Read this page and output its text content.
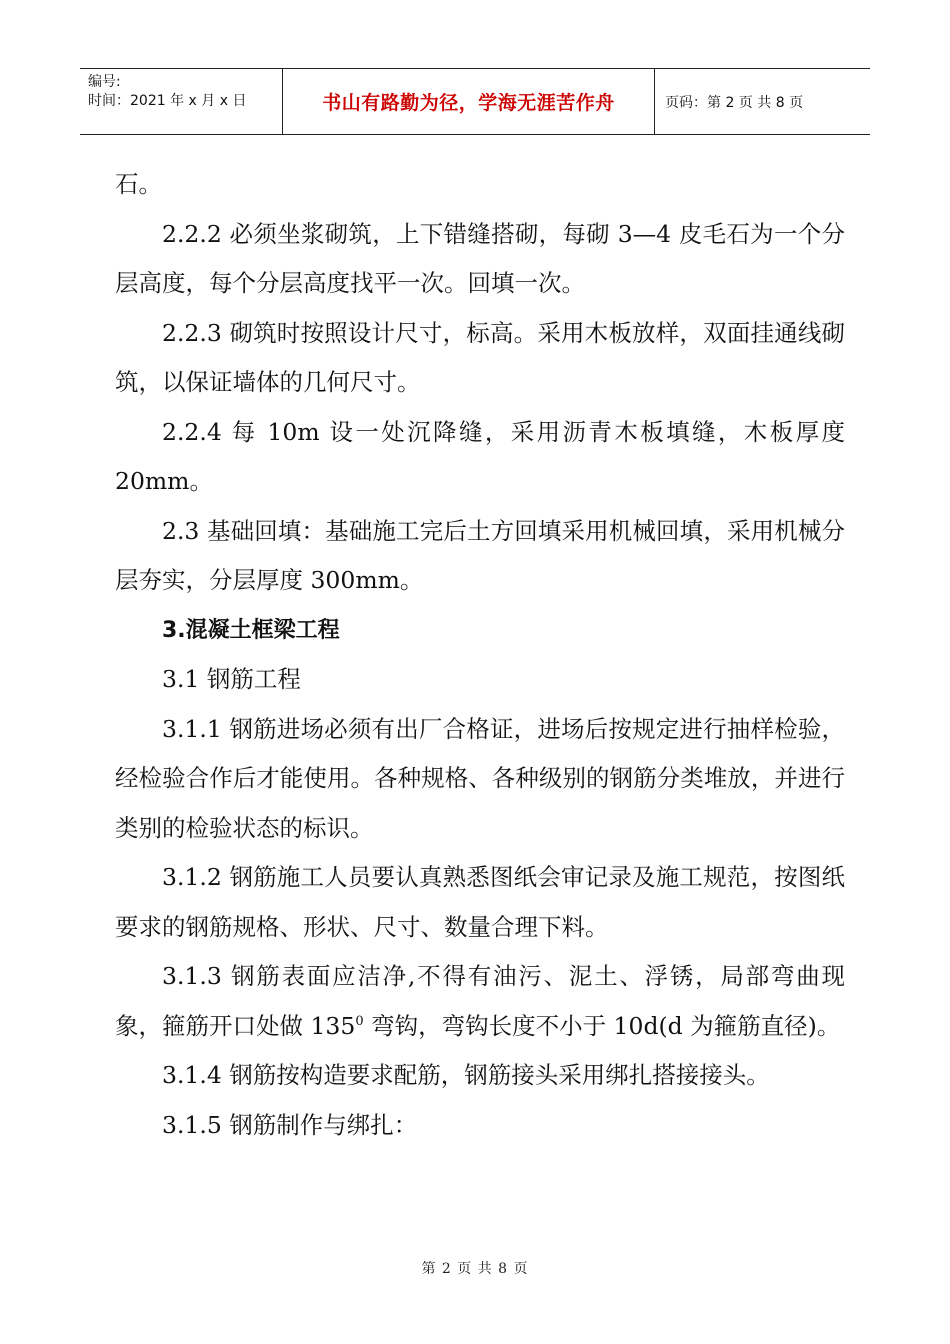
编号:
时间：2021 年 x 月 x 日	书山有路勤为径，学海无涯苦作舟	页码：第 2 页 共 8 页

石。

2.2.2 必须坐浆砌筑，上下错缝搭砌，每砌 3—4 皮毛石为一个分层高度，每个分层高度找平一次。回填一次。

2.2.3 砌筑时按照设计尺寸，标高。采用木板放样，双面挂通线砌筑，以保证墙体的几何尺寸。

2.2.4 每 10m 设一处沉降缝，采用沥青木板填缝，木板厚度 20mm。

2.3 基础回填：基础施工完后土方回填采用机械回填，采用机械分层夯实，分层厚度 300mm。

3.混凝土框梁工程

3.1 钢筋工程

3.1.1 钢筋进场必须有出厂合格证，进场后按规定进行抽样检验，经检验合作后才能使用。各种规格、各种级别的钢筋分类堆放，并进行类别的检验状态的标识。

3.1.2 钢筋施工人员要认真熟悉图纸会审记录及施工规范，按图纸要求的钢筋规格、形状、尺寸、数量合理下料。

3.1.3 钢筋表面应洁净,不得有油污、泥土、浮锈，局部弯曲现象，箍筋开口处做 $135^0$ 弯钩，弯钩长度不小于 10d(d 为箍筋直径)。

3.1.4 钢筋按构造要求配筋，钢筋接头采用绑扎搭接接头。

3.1.5 钢筋制作与绑扎：

第 2 页 共 8 页
